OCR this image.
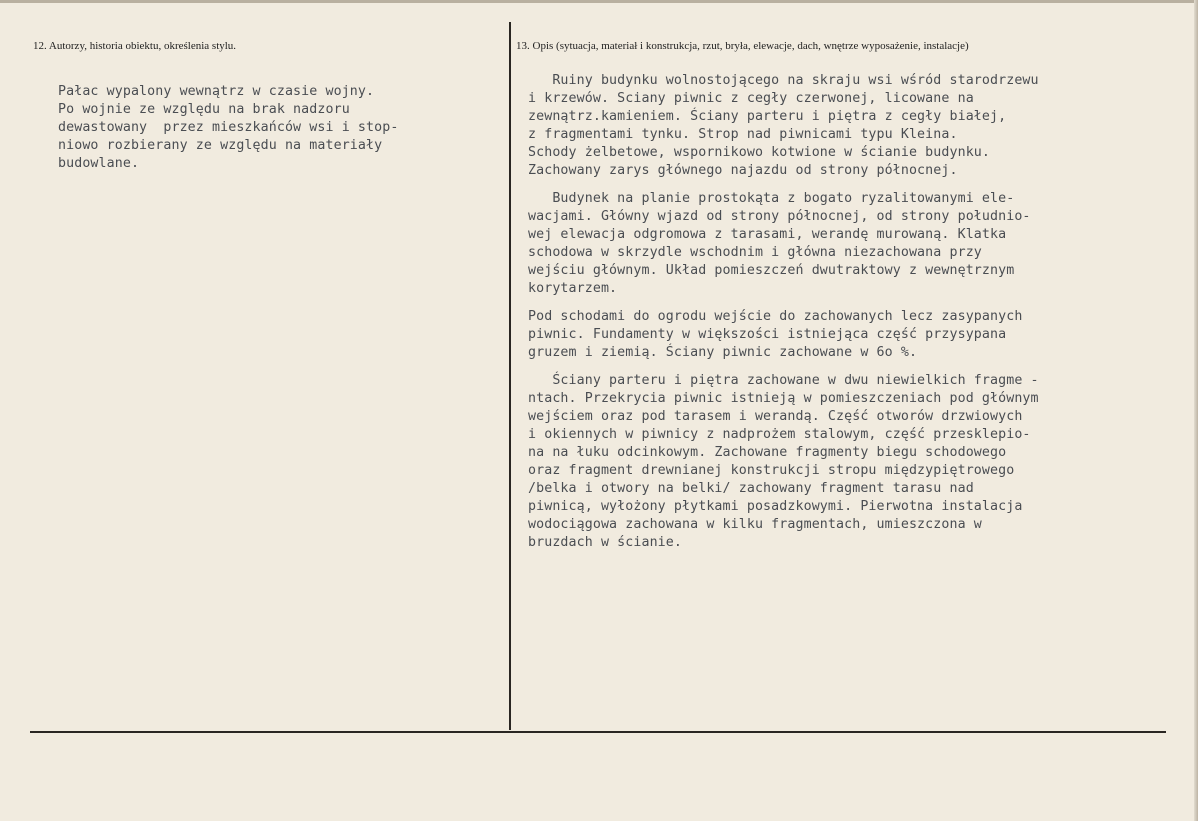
12. Autorzy, historia obiektu, określenia stylu.	13. Opis (sytuacja, materiał i konstrukcja, rzut, bryła, elewacje, dach, wnętrze wyposażenie, instalacje)
Pałac wypalony wewnątrz w czasie wojny.
Po wojnie ze względu na brak nadzoru
dewastowany  przez mieszkańców wsi i stop-
niowo rozbierany ze względu na materiały
budowlane.
Ruiny budynku wolnostojącego na skraju wsi wśród starodrzewu
i krzewów. Sciany piwnic z cegły czerwonej, licowane na
zewnątrz.kamieniem. Ściany parteru i piętra z cegły białej,
z fragmentami tynku. Strop nad piwnicami typu Kleina.
Schody żelbetowe, wspornikowo kotwione w ścianie budynku.
Zachowany zarys głównego najazdu od strony północnej.
Budynek na planie prostokąta z bogato ryzalitowanymi ele-
wacjami. Główny wjazd od strony północnej, od strony południo-
wej elewacja odgromowa z tarasami, werandę murowaną. Klatka
schodowa w skrzydle wschodnim i główna niezachowana przy
wejściu głównym. Układ pomieszczeń dwutraktowy z wewnętrznym
korytarzem.
Pod schodami do ogrodu wejście do zachowanych lecz zasypanych
piwnic. Fundamenty w większości istniejąca część przysypana
gruzem i ziemią. Ściany piwnic zachowane w 6o %.
Ściany parteru i piętra zachowane w dwu niewielkich fragme -
ntach. Przekrycia piwnic istnieją w pomieszczeniach pod głównym
wejściem oraz pod tarasem i werandą. Część otworów drzwiowych
i okiennych w piwnicy z nadprożem stalowym, część przesklepio-
na na łuku odcinkowym. Zachowane fragmenty biegu schodowego
oraz fragment drewnianej konstrukcji stropu międzypiętrowego
/belka i otwory na belki/ zachowany fragment tarasu nad
piwnicą, wyłożony płytkami posadzkowymi. Pierwotna instalacja
wodociągowa zachowana w kilku fragmentach, umieszczona w
bruzdach w ścianie.
